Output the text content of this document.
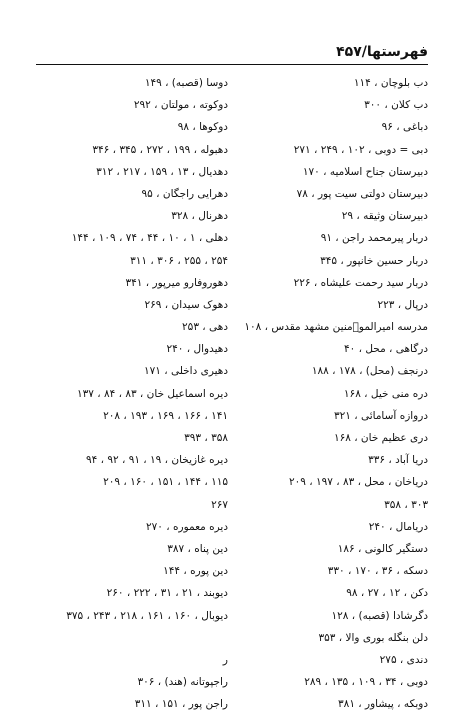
فهرستها/۴۵۷
دب بلوچان ، ۱۱۴
دب کلان ، ۳۰۰
دباغی ، ۹۶
دبی = دوبی ، ۱۰۲ ، ۲۴۹ ، ۲۷۱
دبیرستان جناح اسلامیه ، ۱۷۰
دبیرستان دولتی سیت پور ، ۷۸
دبیرستان وثیقه ، ۲۹
دربار پیرمحمد راجن ، ۹۱
دربار حسین خانپور ، ۳۴۵
دربار سید رحمت علیشاه ، ۲۲۶
درپال ، ۲۲۳
مدرسه امیرالمو٘منین مشهد مقدس ، ۱۰۸
درگاهی ، محل ، ۴۰
درنجف (محل) ، ۱۷۸ ، ۱۸۸
دره منی خیل ، ۱۶۸
دروازه آسامائی ، ۳۲۱
دری عظیم خان ، ۱۶۸
دریا آباد ، ۳۳۶
دریاخان ، محل ، ۸۳ ، ۱۹۷ ، ۲۰۹
۳۰۳ ، ۳۵۸
دریامال ، ۲۴۰
دستگیر کالونی ، ۱۸۶
دسکه ، ۳۶ ، ۱۷۰ ، ۳۳۰
دکن ، ۱۲ ، ۲۷ ، ۹۸
دگرشادا (قصبه) ، ۱۲۸
دلن بنگله بوری والا ، ۳۵۳
دندی ، ۲۷۵
دوبی ، ۳۴ ، ۱۰۹ ، ۱۳۵ ، ۲۸۹
دوبکه ، پیشاور ، ۳۸۱
دوسا (قصبه) ، ۱۴۹
دوکوته ، مولتان ، ۲۹۲
دوکوها ، ۹۸
دهبوله ، ۱۹۹ ، ۲۷۲ ، ۳۴۵ ، ۳۴۶
دهدیال ، ۱۳ ، ۱۵۹ ، ۲۱۷ ، ۳۱۲
دهرایی راجگان ، ۹۵
دهرنال ، ۳۲۸
دهلی ، ۱ ، ۱۰ ، ۴۴ ، ۷۴ ، ۱۰۹ ، ۱۴۴
۲۵۴ ، ۲۵۵ ، ۳۰۶ ، ۳۱۱
دهوروفارو میرپور ، ۳۴۱
دهوک سیدان ، ۲۶۹
دهی ، ۲۵۳
دهیدوال ، ۲۴۰
دهیری داخلی ، ۱۷۱
دیره اسماعیل خان ، ۸۳ ، ۸۴ ، ۱۳۷
۱۴۱ ، ۱۶۶ ، ۱۶۹ ، ۱۹۳ ، ۲۰۸
۳۵۸ ، ۳۹۳
دیره غازیخان ، ۱۹ ، ۹۱ ، ۹۲ ، ۹۴
۱۱۵ ، ۱۴۴ ، ۱۵۱ ، ۱۶۰ ، ۲۰۹
۲۶۷
دیره معموره ، ۲۷۰
دین پناه ، ۳۸۷
دین پوره ، ۱۴۴
دیوبند ، ۲۱ ، ۳۱ ، ۲۲۲ ، ۲۶۰
دیوبال ، ۱۶۰ ، ۱۶۱ ، ۲۱۸ ، ۲۴۳ ، ۳۷۵
ر
راجپوتانه (هند) ، ۳۰۶
راجن پور ، ۱۵۱ ، ۳۱۱
